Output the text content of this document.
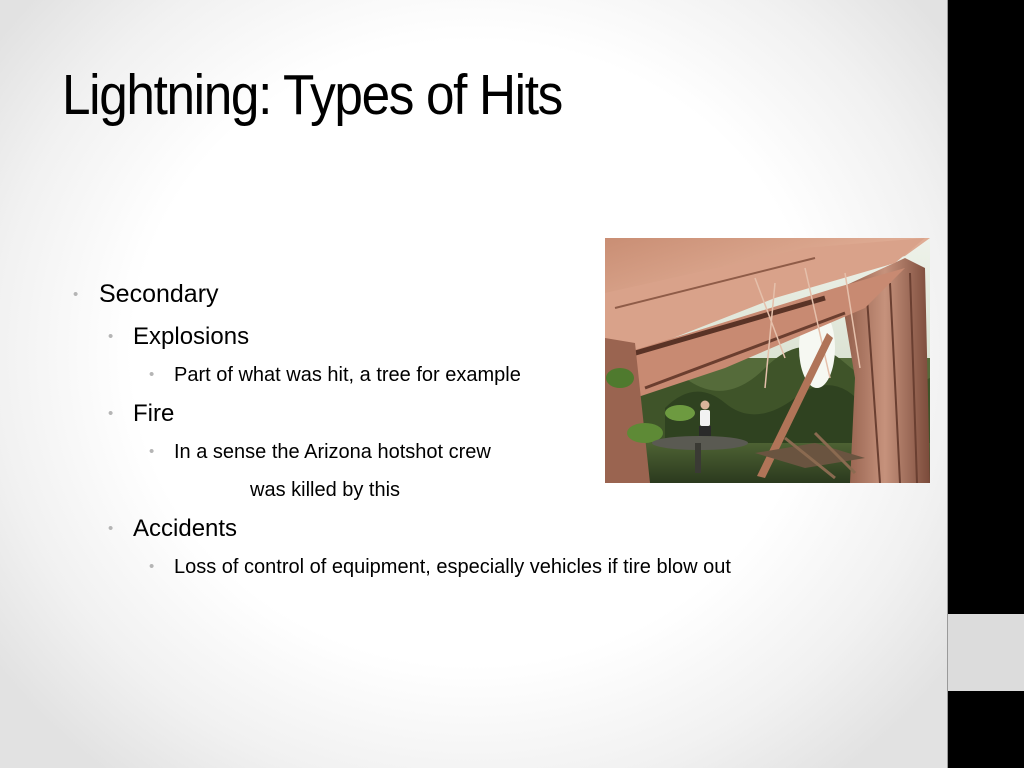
Lightning: Types of Hits
• Secondary
• Explosions
• Part of what was hit, a tree for example
• Fire
• In a sense the Arizona hotshot crew
was killed by this
• Accidents
• Loss of control of equipment, especially vehicles if tire blow out
